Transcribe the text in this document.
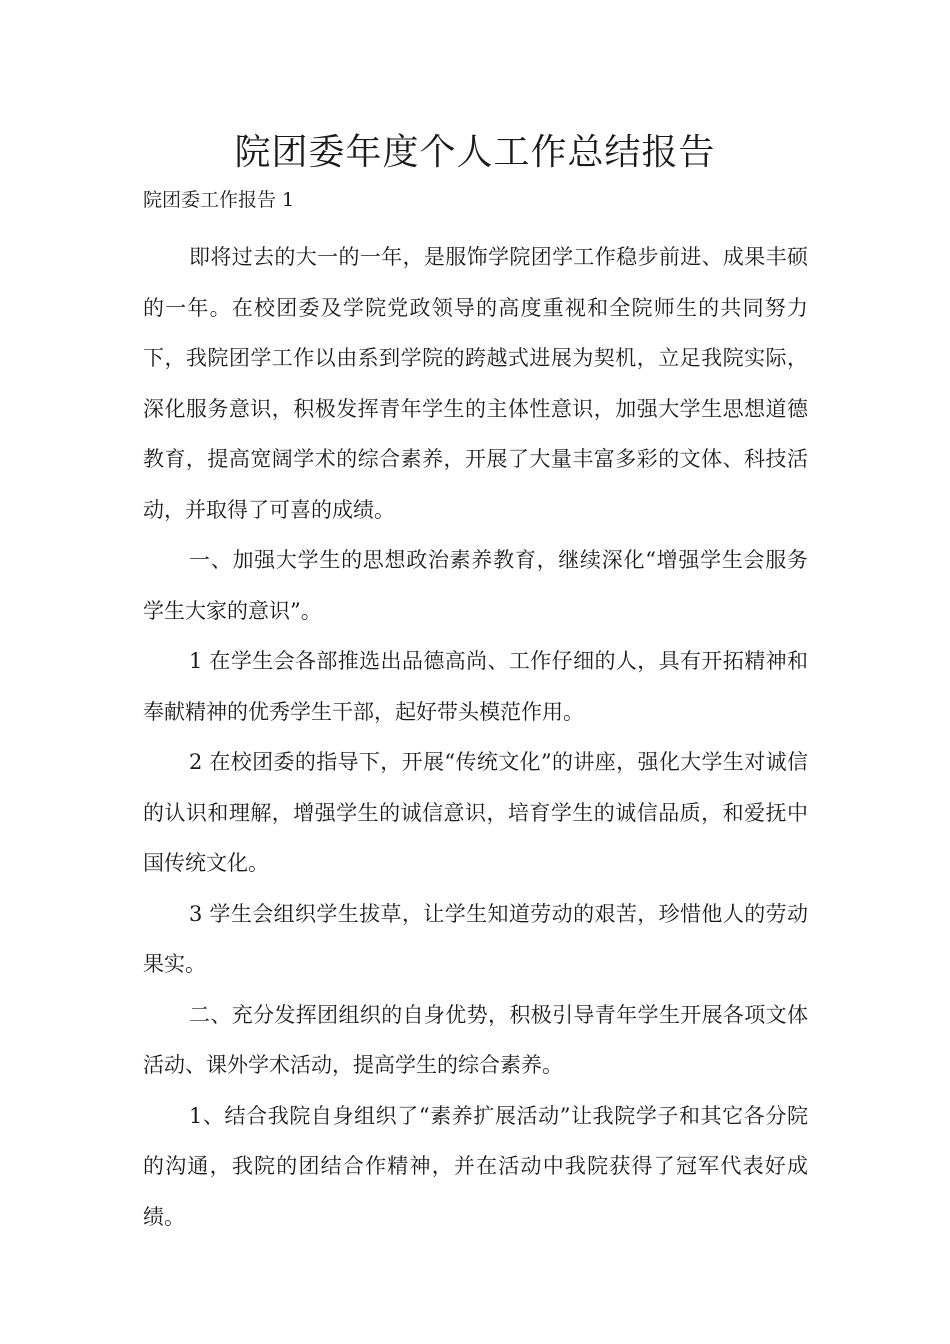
院团委年度个人工作总结报告

院团委工作报告 1

即将过去的大一的一年，是服饰学院团学工作稳步前进、成果丰硕的一年。在校团委及学院党政领导的高度重视和全院师生的共同努力下，我院团学工作以由系到学院的跨越式进展为契机，立足我院实际，深化服务意识，积极发挥青年学生的主体性意识，加强大学生思想道德教育，提高宽阔学术的综合素养，开展了大量丰富多彩的文体、科技活动，并取得了可喜的成绩。

一、加强大学生的思想政治素养教育，继续深化“增强学生会服务学生大家的意识”。

1 在学生会各部推选出品德高尚、工作仔细的人，具有开拓精神和奉献精神的优秀学生干部，起好带头模范作用。

2 在校团委的指导下，开展“传统文化”的讲座，强化大学生对诚信的认识和理解，增强学生的诚信意识，培育学生的诚信品质，和爱抚中国传统文化。

3 学生会组织学生拔草，让学生知道劳动的艰苦，珍惜他人的劳动果实。

二、充分发挥团组织的自身优势，积极引导青年学生开展各项文体活动、课外学术活动，提高学生的综合素养。

1、结合我院自身组织了“素养扩展活动”让我院学子和其它各分院的沟通，我院的团结合作精神，并在活动中我院获得了冠军代表好成绩。
